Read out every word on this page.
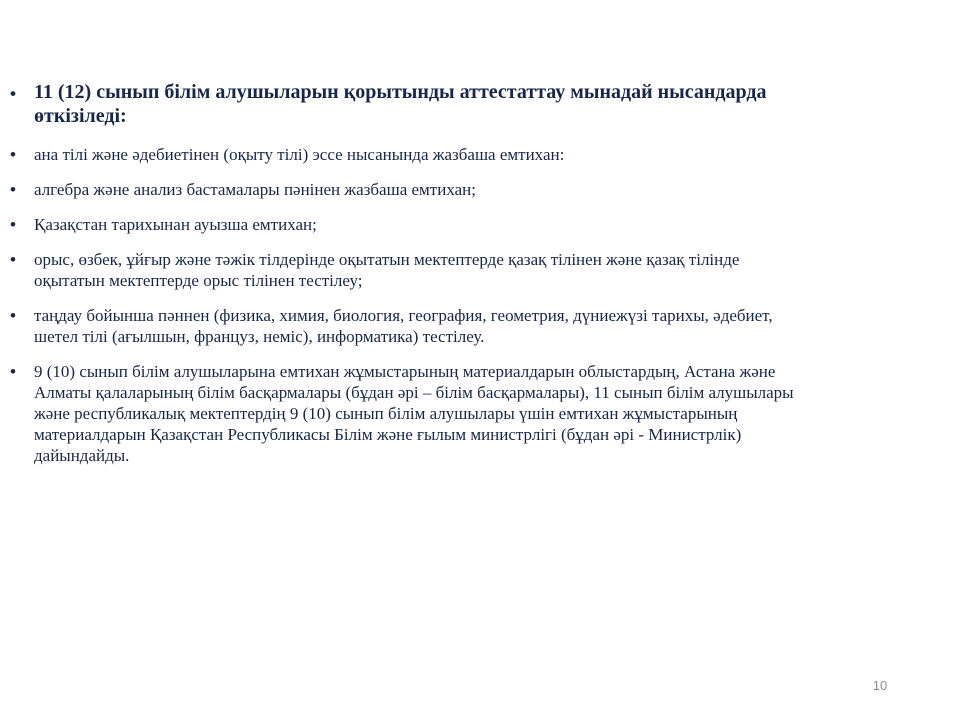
• 11 (12) сынып білім алушыларын қорытынды аттестаттау мынадай нысандарда өткізіледі:
• ана тілі және әдебиетінен (оқыту тілі) эссе нысанында жазбаша емтихан:
• алгебра және анализ бастамалары пәнінен жазбаша емтихан;
• Қазақстан тарихынан ауызша емтихан;
• орыс, өзбек, ұйғыр және тәжік тілдерінде оқытатын мектептерде қазақ тілінен және қазақ тілінде оқытатын мектептерде орыс тілінен тестілеу;
• таңдау бойынша пәннен (физика, химия, биология, география, геометрия, дүниежүзі тарихы, әдебиет, шетел тілі (ағылшын, француз, неміс), информатика) тестілеу.
• 9 (10) сынып білім алушыларына емтихан жұмыстарының материалдарын облыстардың, Астана және Алматы қалаларының білім басқармалары (бұдан әрі – білім басқармалары), 11 сынып білім алушылары және республикалық мектептердің 9 (10) сынып білім алушылары үшін емтихан жұмыстарының материалдарын Қазақстан Республикасы Білім және ғылым министрлігі (бұдан әрі - Министрлік) дайындайды.
10
